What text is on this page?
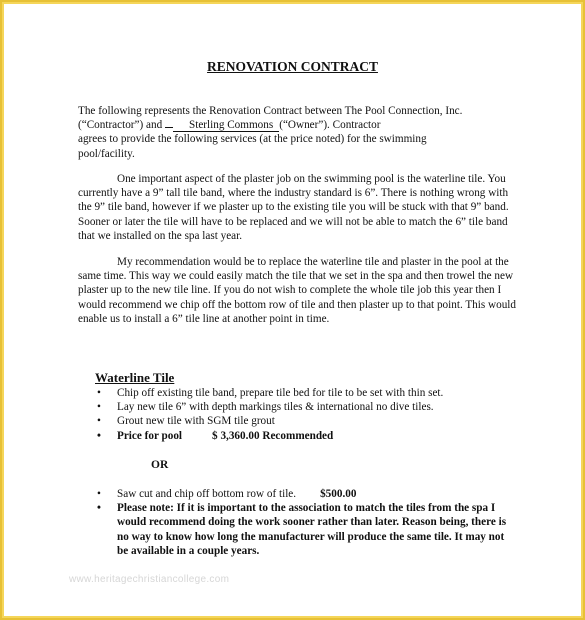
RENOVATION CONTRACT
The following represents the Renovation Contract between The Pool Connection, Inc.
(“Contractor”) and Sterling Commons (“Owner”). Contractor
agrees to provide the following services (at the price noted) for the swimming
pool/facility.
One important aspect of the plaster job on the swimming pool is the waterline tile. You currently have a 9” tall tile band, where the industry standard is 6”. There is nothing wrong with the 9” tile band, however if we plaster up to the existing tile you will be stuck with that 9” band. Sooner or later the tile will have to be replaced and we will not be able to match the 6” tile band that we installed on the spa last year.
My recommendation would be to replace the waterline tile and plaster in the pool at the same time. This way we could easily match the tile that we set in the spa and then trowel the new plaster up to the new tile line. If you do not wish to complete the whole tile job this year then I would recommend we chip off the bottom row of tile and then plaster up to that point. This would enable us to install a 6” tile line at another point in time.
Waterline Tile
• Chip off existing tile band, prepare tile bed for tile to be set with thin set.
• Lay new tile 6” with depth markings tiles & international no dive tiles.
• Grout new tile with SGM tile grout
• Price for pool	$ 3,360.00 Recommended
OR
• Saw cut and chip off bottom row of tile. $500.00
• Please note: If it is important to the association to match the tiles from the spa I would recommend doing the work sooner rather than later. Reason being, there is no way to know how long the manufacturer will produce the same tile. It may not be available in a couple years.
www.heritagechristiancollege.com
